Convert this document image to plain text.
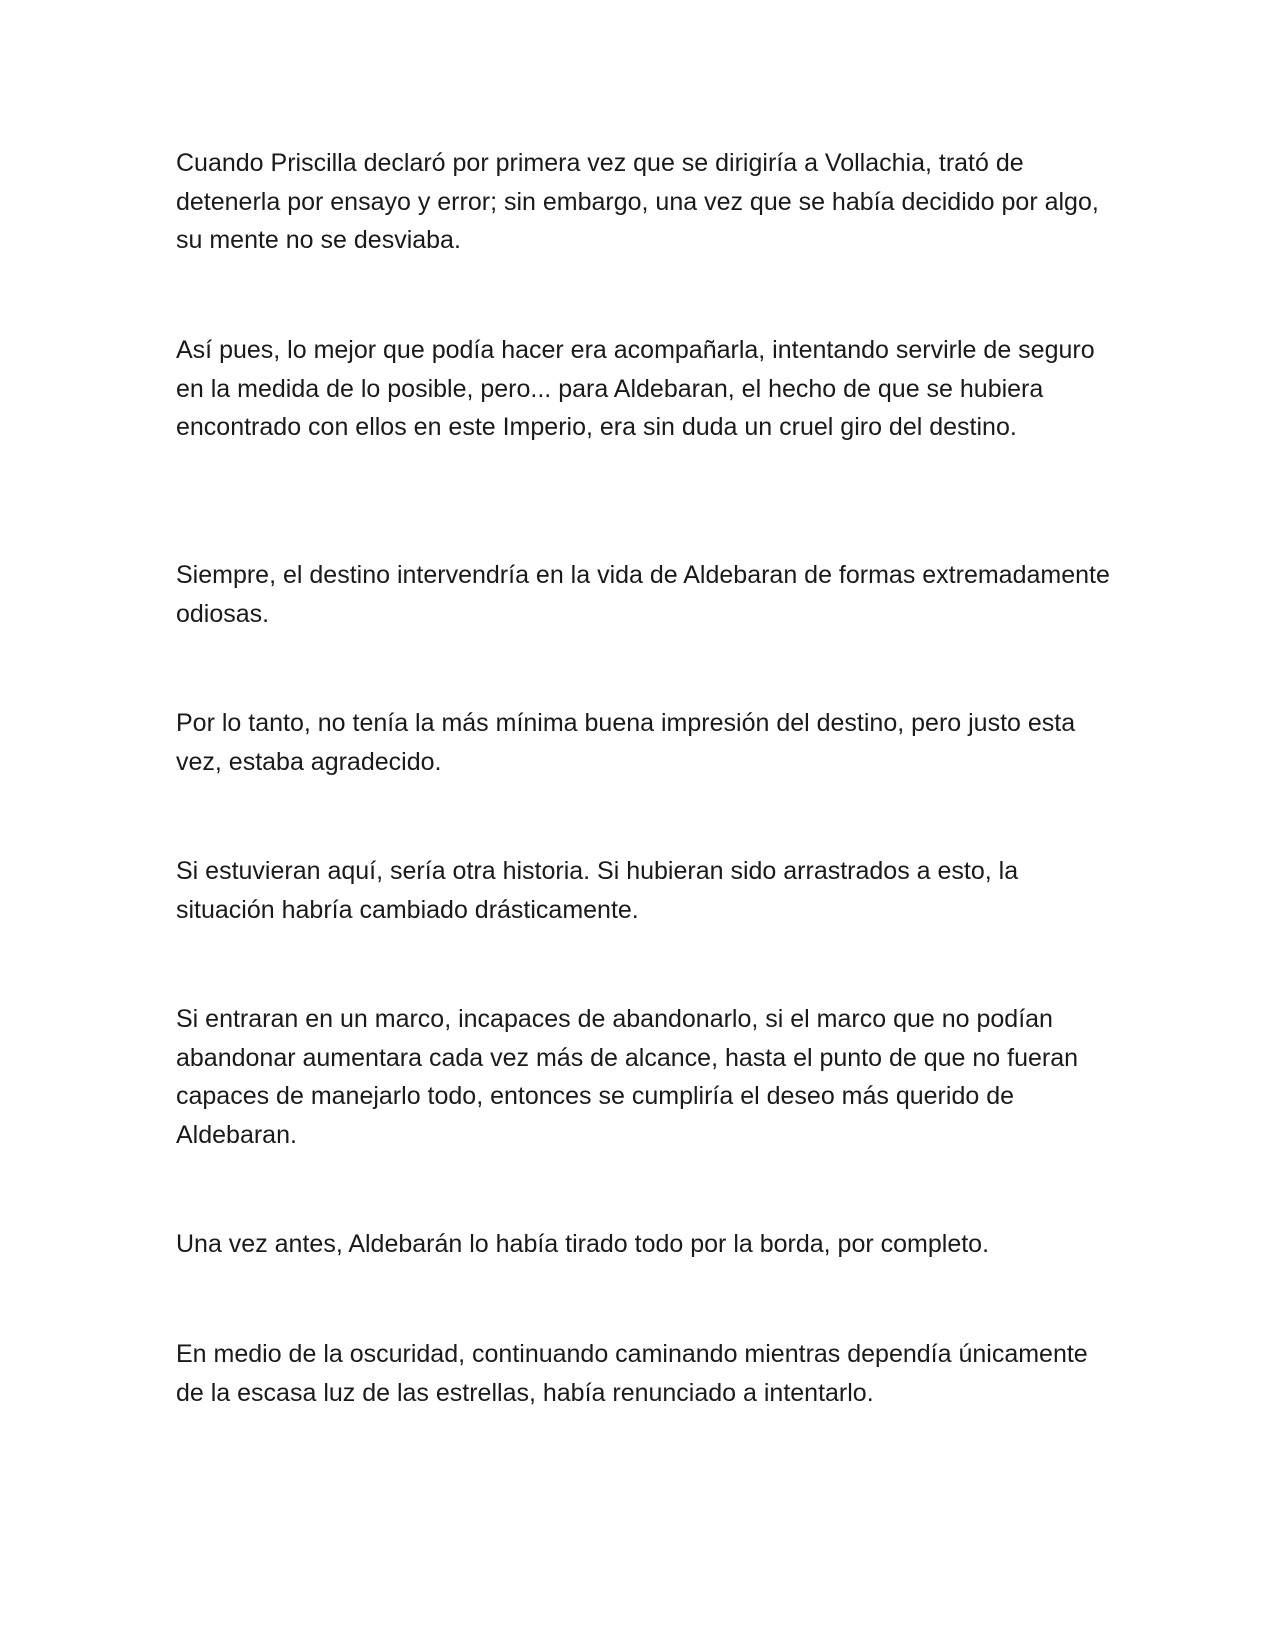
Cuando Priscilla declaró por primera vez que se dirigiría a Vollachia, trató de detenerla por ensayo y error; sin embargo, una vez que se había decidido por algo, su mente no se desviaba.

Así pues, lo mejor que podía hacer era acompañarla, intentando servirle de seguro en la medida de lo posible, pero... para Aldebaran, el hecho de que se hubiera encontrado con ellos en este Imperio, era sin duda un cruel giro del destino.

Siempre, el destino intervendría en la vida de Aldebaran de formas extremadamente odiosas.

Por lo tanto, no tenía la más mínima buena impresión del destino, pero justo esta vez, estaba agradecido.

Si estuvieran aquí, sería otra historia. Si hubieran sido arrastrados a esto, la situación habría cambiado drásticamente.

Si entraran en un marco, incapaces de abandonarlo, si el marco que no podían abandonar aumentara cada vez más de alcance, hasta el punto de que no fueran capaces de manejarlo todo, entonces se cumpliría el deseo más querido de Aldebaran.

Una vez antes, Aldebarán lo había tirado todo por la borda, por completo.

En medio de la oscuridad, continuando caminando mientras dependía únicamente de la escasa luz de las estrellas, había renunciado a intentarlo.
